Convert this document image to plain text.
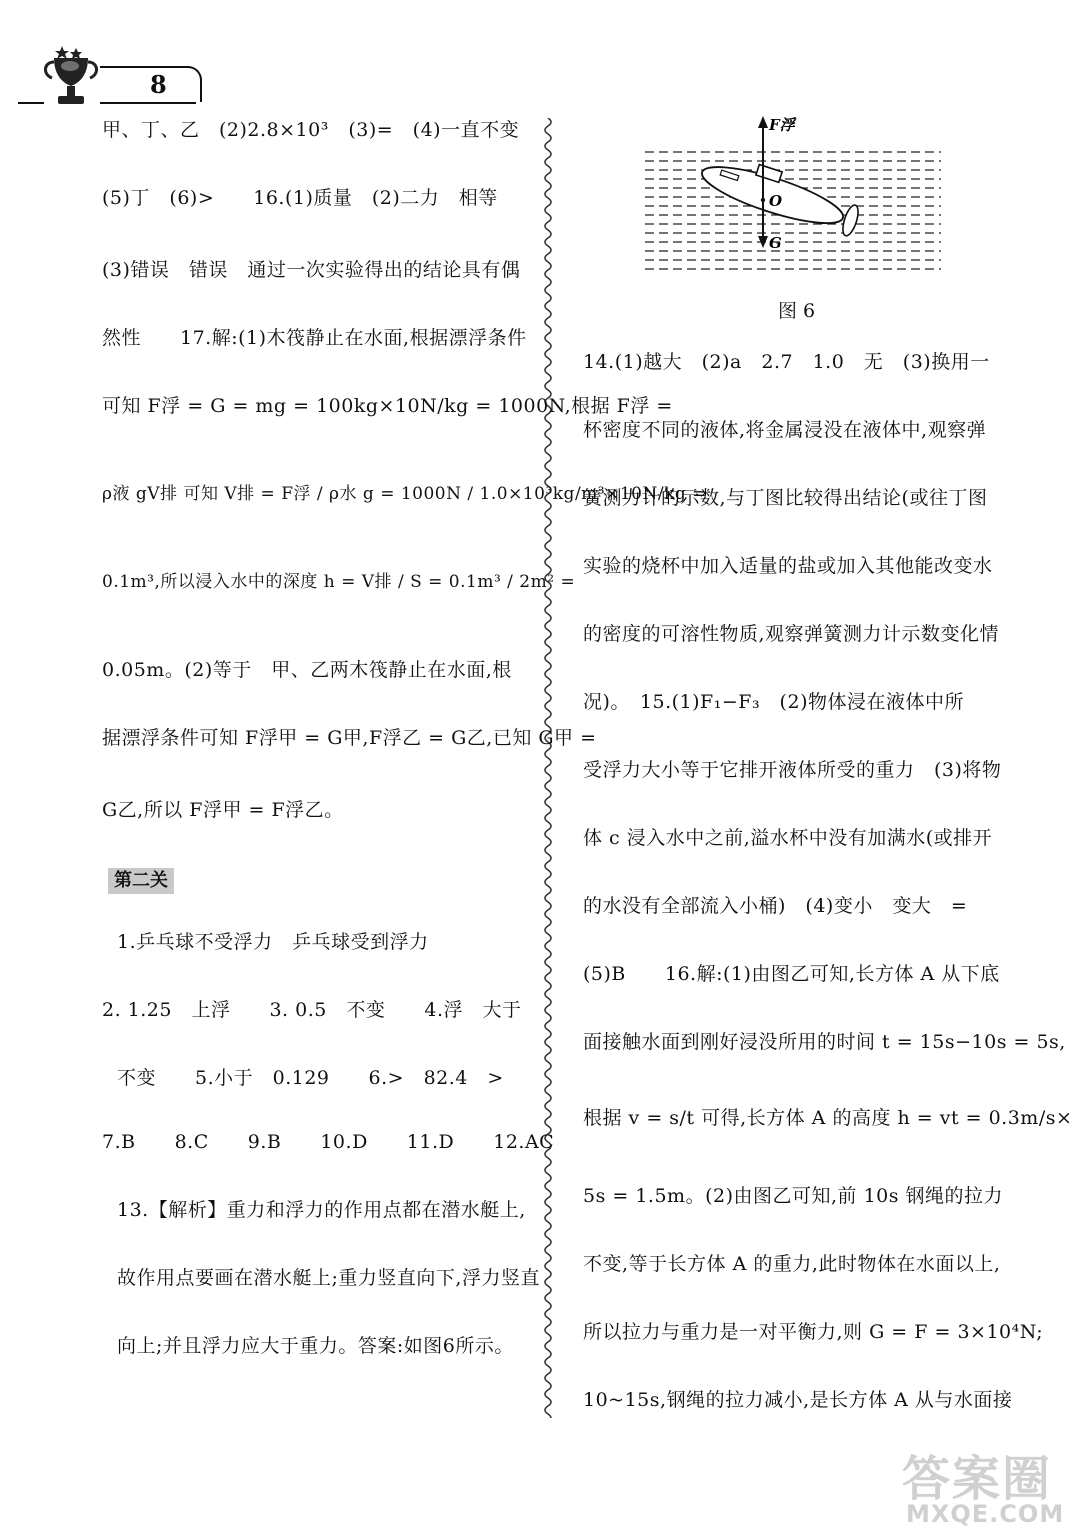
8
甲、丁、乙　(2)2.8×10³　(3)=　(4)一直不变
(5)丁　(6)>　　16.(1)质量　(2)二力　相等
(3)错误　错误　通过一次实验得出的结论具有偶
然性　　17.解:(1)木筏静止在水面,根据漂浮条件
可知 F浮 = G = mg = 100kg×10N/kg = 1000N,根据 F浮 =
ρ液 gV排 可知 V排 = F浮 / ρ水 g = 1000N / 1.0×10³kg/m³×10N/kg =
0.1m³,所以浸入水中的深度 h = V排 / S = 0.1m³ / 2m² =
0.05m。(2)等于　甲、乙两木筏静止在水面,根
据漂浮条件可知 F浮甲 = G甲,F浮乙 = G乙,已知 G甲 =
G乙,所以 F浮甲 = F浮乙。
第二关
1.乒乓球不受浮力　乒乓球受到浮力
2. 1.25　上浮　　3. 0.5　不变　　4.浮　大于
不变　　5.小于　0.129　　6.>　82.4　>
7.B　　8.C　　9.B　　10.D　　11.D　　12.AC
13.【解析】重力和浮力的作用点都在潜水艇上,
故作用点要画在潜水艇上;重力竖直向下,浮力竖直
向上;并且浮力应大于重力。答案:如图6所示。
F浮
O
G
图 6
14.(1)越大　(2)a　2.7　1.0　无　(3)换用一
杯密度不同的液体,将金属浸没在液体中,观察弹
簧测力计的示数,与丁图比较得出结论(或往丁图
实验的烧杯中加入适量的盐或加入其他能改变水
的密度的可溶性物质,观察弹簧测力计示数变化情
况)。　15.(1)F₁−F₃　(2)物体浸在液体中所
受浮力大小等于它排开液体所受的重力　(3)将物
体 c 浸入水中之前,溢水杯中没有加满水(或排开
的水没有全部流入小桶)　(4)变小　变大　=
(5)B　　16.解:(1)由图乙可知,长方体 A 从下底
面接触水面到刚好浸没所用的时间 t = 15s−10s = 5s,
根据 v = s/t 可得,长方体 A 的高度 h = vt = 0.3m/s×
5s = 1.5m。(2)由图乙可知,前 10s 钢绳的拉力
不变,等于长方体 A 的重力,此时物体在水面以上,
所以拉力与重力是一对平衡力,则 G = F = 3×10⁴N;
10~15s,钢绳的拉力减小,是长方体 A 从与水面接
答案圈
MXQE.COM
